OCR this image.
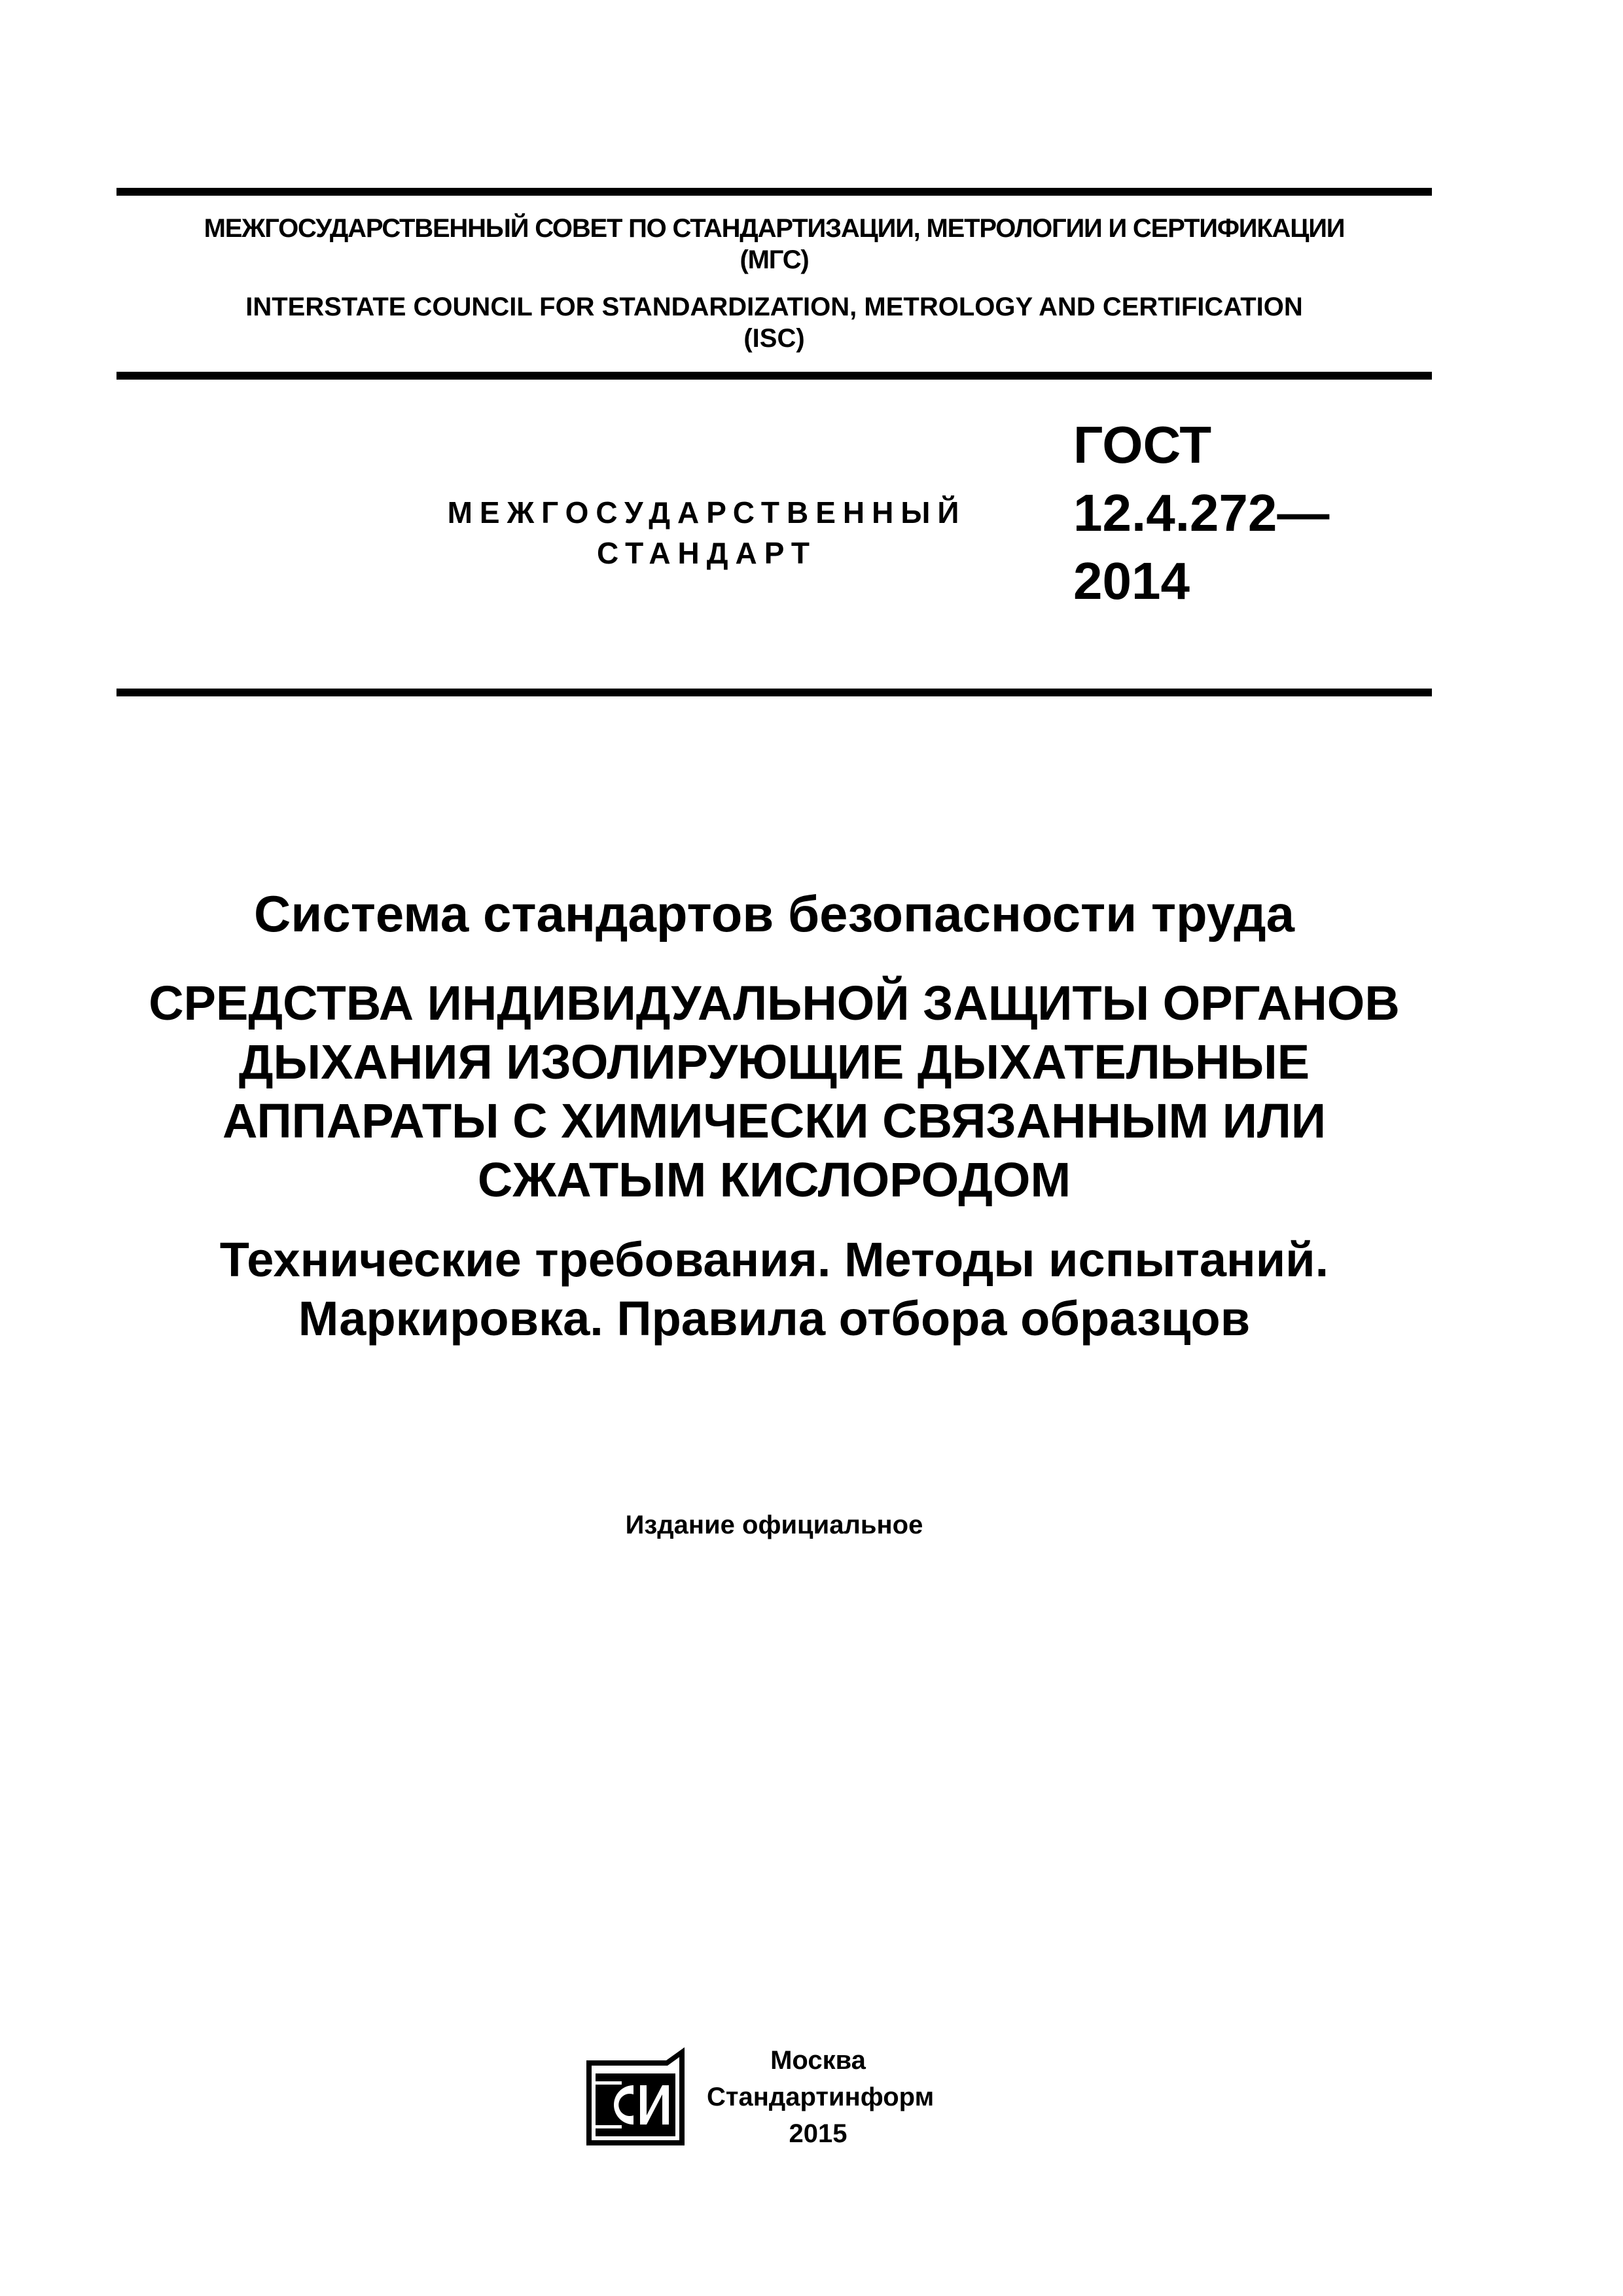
МЕЖГОСУДАРСТВЕННЫЙ СОВЕТ ПО СТАНДАРТИЗАЦИИ, МЕТРОЛОГИИ И СЕРТИФИКАЦИИ
(МГС)
INTERSTATE COUNCIL FOR STANDARDIZATION, METROLOGY AND CERTIFICATION
(ISC)
МЕЖГОСУДАРСТВЕННЫЙ
СТАНДАРТ
ГОСТ
12.4.272—
2014
Система стандартов безопасности труда
СРЕДСТВА ИНДИВИДУАЛЬНОЙ ЗАЩИТЫ ОРГАНОВ
ДЫХАНИЯ ИЗОЛИРУЮЩИЕ ДЫХАТЕЛЬНЫЕ
АППАРАТЫ С ХИМИЧЕСКИ СВЯЗАННЫМ ИЛИ
СЖАТЫМ КИСЛОРОДОМ
Технические требования. Методы испытаний.
Маркировка. Правила отбора образцов
Издание официальное
Москва
Стандартинформ
2015
